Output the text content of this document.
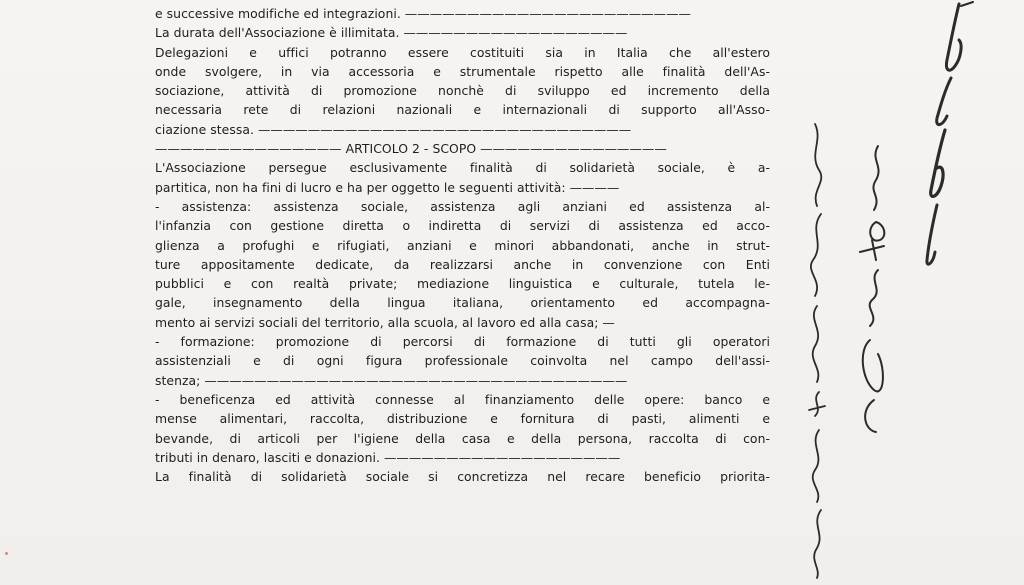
e successive modifiche ed integrazioni. ———————————————————————
La durata dell'Associazione è illimitata. ——————————————————
Delegazioni e uffici potranno essere costituiti sia in Italia che all'estero
onde svolgere, in via accessoria e strumentale rispetto alle finalità dell'As-
sociazione, attività di promozione nonchè di sviluppo ed incremento della
necessaria rete di relazioni nazionali e internazionali di supporto all'Asso-
ciazione stessa. ——————————————————————————————
——————————————— ARTICOLO 2 - SCOPO ———————————————
L'Associazione persegue esclusivamente finalità di solidarietà sociale, è a-
partitica, non ha fini di lucro e ha per oggetto le seguenti attività: ————
- assistenza: assistenza sociale, assistenza agli anziani ed assistenza al-
l'infanzia con gestione diretta o indiretta di servizi di assistenza ed acco-
glienza a profughi e rifugiati, anziani e minori abbandonati, anche in strut-
ture appositamente dedicate, da realizzarsi anche in convenzione con Enti
pubblici e con realtà private; mediazione linguistica e culturale, tutela le-
gale, insegnamento della lingua italiana, orientamento ed accompagna-
mento ai servizi sociali del territorio, alla scuola, al lavoro ed alla casa; —
- formazione: promozione di percorsi di formazione di tutti gli operatori
assistenziali e di ogni figura professionale coinvolta nel campo dell'assi-
stenza; ——————————————————————————————————
- beneficenza ed attività connesse al finanziamento delle opere: banco e
mense alimentari, raccolta, distribuzione e fornitura di pasti, alimenti e
bevande, di articoli per l'igiene della casa e della persona, raccolta di con-
tributi in denaro, lasciti e donazioni. ———————————————————
La finalità di solidarietà sociale si concretizza nel recare beneficio priorita-
